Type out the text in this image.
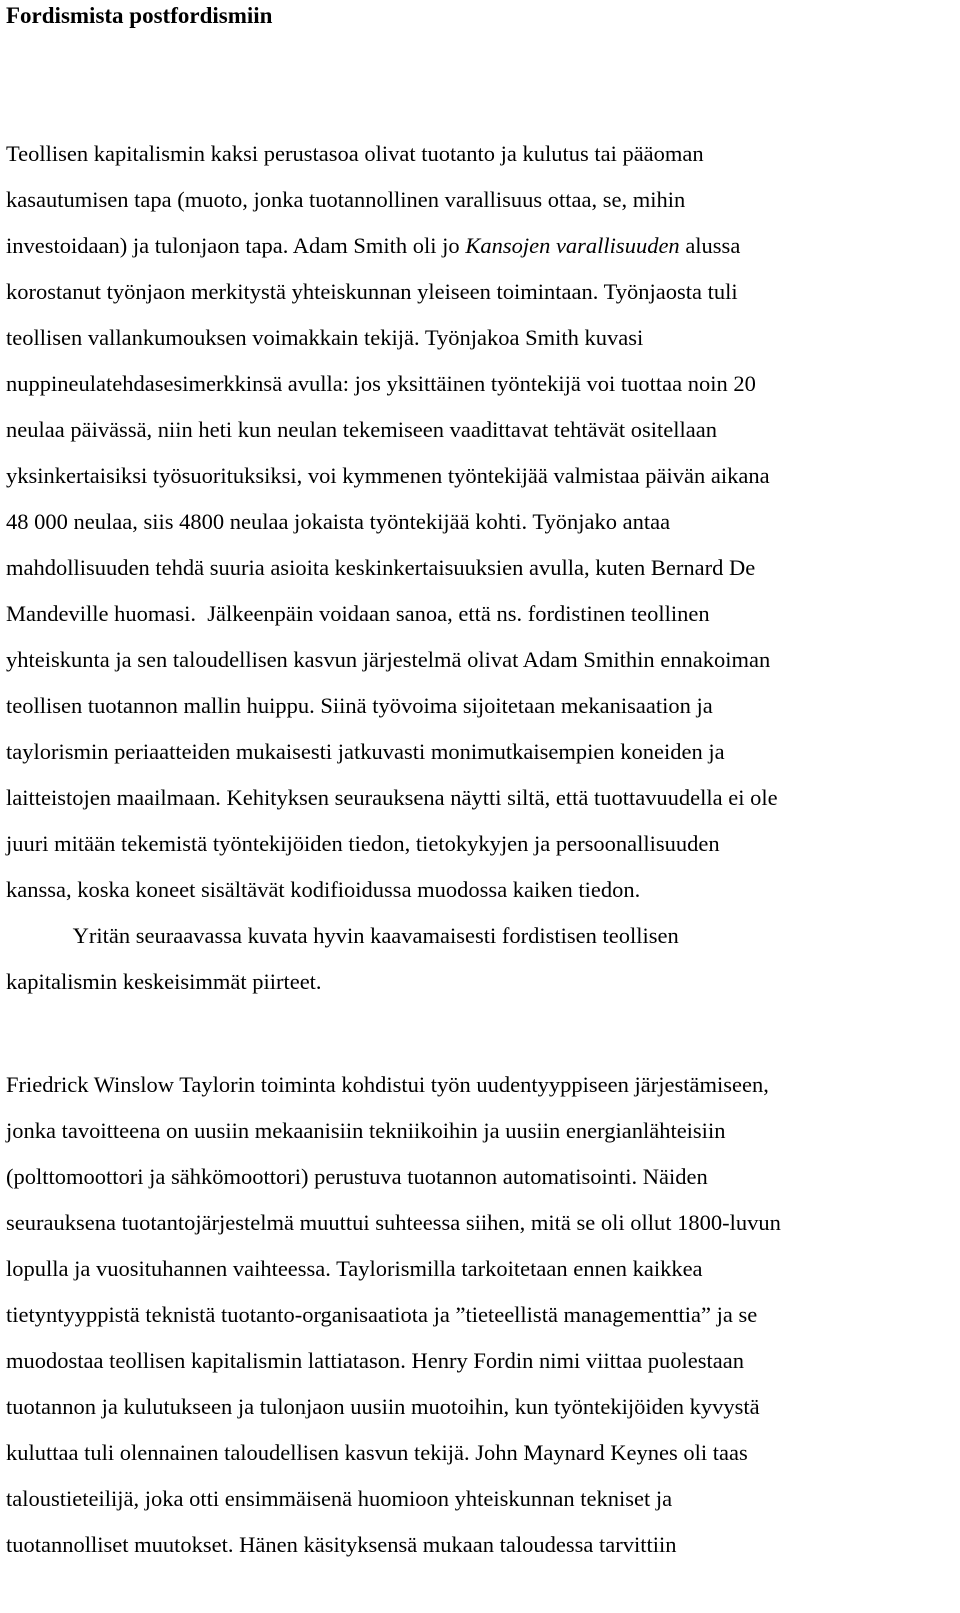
Fordismista postfordismiin
Teollisen kapitalismin kaksi perustasoa olivat tuotanto ja kulutus tai pääoman
kasautumisen tapa (muoto, jonka tuotannollinen varallisuus ottaa, se, mihin
investoidaan) ja tulonjaon tapa. Adam Smith oli jo Kansojen varallisuuden alussa
korostanut työnjaon merkitystä yhteiskunnan yleiseen toimintaan. Työnjaosta tuli
teollisen vallankumouksen voimakkain tekijä. Työnjakoa Smith kuvasi
nuppineulatehdasesimerkkinsä avulla: jos yksittäinen työntekijä voi tuottaa noin 20
neulaa päivässä, niin heti kun neulan tekemiseen vaadittavat tehtävät ositellaan
yksinkertaisiksi työsuorituksiksi, voi kymmenen työntekijää valmistaa päivän aikana
48 000 neulaa, siis 4800 neulaa jokaista työntekijää kohti. Työnjako antaa
mahdollisuuden tehdä suuria asioita keskinkertaisuuksien avulla, kuten Bernard De
Mandeville huomasi.  Jälkeenpäin voidaan sanoa, että ns. fordistinen teollinen
yhteiskunta ja sen taloudellisen kasvun järjestelmä olivat Adam Smithin ennakoiman
teollisen tuotannon mallin huippu. Siinä työvoima sijoitetaan mekanisaation ja
taylorismin periaatteiden mukaisesti jatkuvasti monimutkaisempien koneiden ja
laitteistojen maailmaan. Kehityksen seurauksena näytti siltä, että tuottavuudella ei ole
juuri mitään tekemistä työntekijöiden tiedon, tietokykyjen ja persoonallisuuden
kanssa, koska koneet sisältävät kodifioidussa muodossa kaiken tiedon.
Yritän seuraavassa kuvata hyvin kaavamaisesti fordistisen teollisen
kapitalismin keskeisimmät piirteet.
Friedrick Winslow Taylorin toiminta kohdistui työn uudentyyppiseen järjestämiseen,
jonka tavoitteena on uusiin mekaanisiin tekniikoihin ja uusiin energianlähteisiin
(polttomoottori ja sähkömoottori) perustuva tuotannon automatisointi. Näiden
seurauksena tuotantojärjestelmä muuttui suhteessa siihen, mitä se oli ollut 1800-luvun
lopulla ja vuosituhannen vaihteessa. Taylorismilla tarkoitetaan ennen kaikkea
tietyntyyppistä teknistä tuotanto-organisaatiota ja ”tieteellistä managementtia” ja se
muodostaa teollisen kapitalismin lattiatason. Henry Fordin nimi viittaa puolestaan
tuotannon ja kulutukseen ja tulonjaon uusiin muotoihin, kun työntekijöiden kyvystä
kuluttaa tuli olennainen taloudellisen kasvun tekijä. John Maynard Keynes oli taas
taloustieteilijä, joka otti ensimmäisenä huomioon yhteiskunnan tekniset ja
tuotannolliset muutokset. Hänen käsityksensä mukaan taloudessa tarvittiin
